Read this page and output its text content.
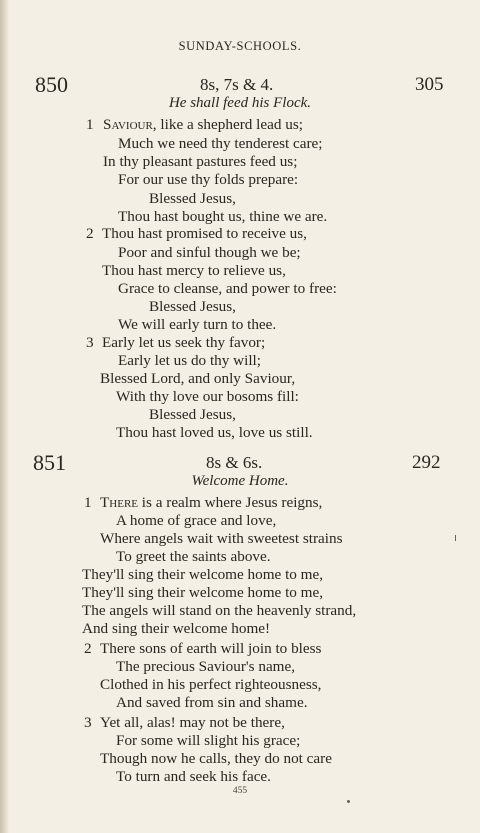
SUNDAY-SCHOOLS.
850	8s, 7s & 4.	305
He shall feed his Flock.
1 Saviour, like a shepherd lead us;
Much we need thy tenderest care;
In thy pleasant pastures feed us;
For our use thy folds prepare:
Blessed Jesus,
Thou hast bought us, thine we are.
2 Thou hast promised to receive us,
Poor and sinful though we be;
Thou hast mercy to relieve us,
Grace to cleanse, and power to free:
Blessed Jesus,
We will early turn to thee.
3 Early let us seek thy favor;
Early let us do thy will;
Blessed Lord, and only Saviour,
With thy love our bosoms fill:
Blessed Jesus,
Thou hast loved us, love us still.
851	8s & 6s.	292
Welcome Home.
1 There is a realm where Jesus reigns,
A home of grace and love,
Where angels wait with sweetest strains
To greet the saints above.
They'll sing their welcome home to me,
They'll sing their welcome home to me,
The angels will stand on the heavenly strand,
And sing their welcome home!
2 There sons of earth will join to bless
The precious Saviour's name,
Clothed in his perfect righteousness,
And saved from sin and shame.
3 Yet all, alas! may not be there,
For some will slight his grace;
Though now he calls, they do not care
To turn and seek his face.
455
